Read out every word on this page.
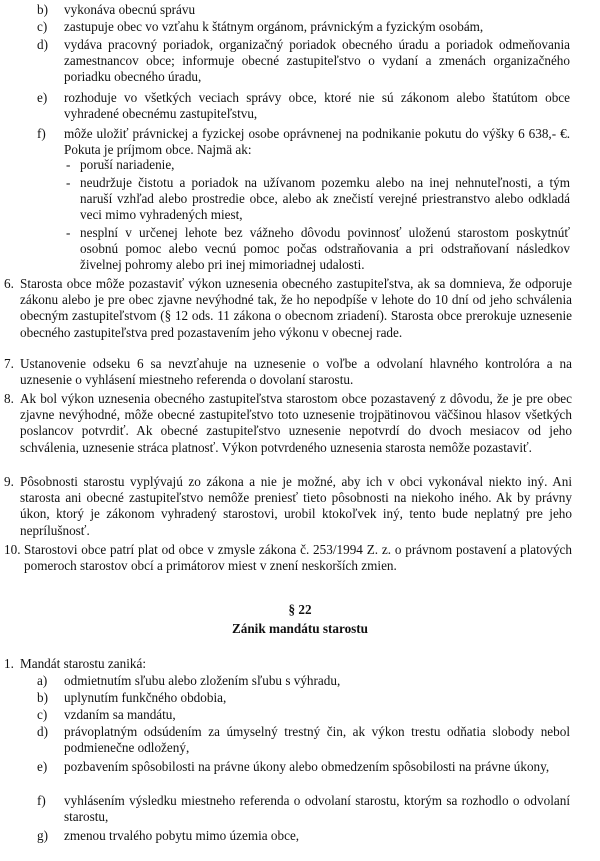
b) vykonáva obecnú správu
c) zastupuje obec vo vzťahu k štátnym orgánom, právnickým a fyzickým osobám,
d) vydáva pracovný poriadok, organizačný poriadok obecného úradu a poriadok odmeňovania zamestnancov obce; informuje obecné zastupiteľstvo o vydaní a zmenách organizačného poriadku obecného úradu,
e) rozhoduje vo všetkých veciach správy obce, ktoré nie sú zákonom alebo štatútom obce vyhradené obecnému zastupiteľstvu,
f) môže uložiť právnickej a fyzickej osobe oprávnenej na podnikanie pokutu do výšky 6 638,- €. Pokuta je príjmom obce. Najmä ak:
- poruší nariadenie,
- neudržuje čistotu a poriadok na užívanom pozemku alebo na inej nehnuteľnosti, a tým naruší vzhľad alebo prostredie obce, alebo ak znečistí verejné priestranstvo alebo odkladá veci mimo vyhradených miest,
- nesplní v určenej lehote bez vážneho dôvodu povinnosť uloženú starostom poskytnúť osobnú pomoc alebo vecnú pomoc počas odstraňovania a pri odstraňovaní následkov živelnej pohromy alebo pri inej mimoriadnej udalosti.
6. Starosta obce môže pozastaviť výkon uznesenia obecného zastupiteľstva, ak sa domnieva, že odporuje zákonu alebo je pre obec zjavne nevýhodné tak, že ho nepodpíše v lehote do 10 dní od jeho schválenia obecným zastupiteľstvom (§ 12 ods. 11 zákona o obecnom zriadení). Starosta obce prerokuje uznesenie obecného zastupiteľstva pred pozastavením jeho výkonu v obecnej rade.
7. Ustanovenie odseku 6 sa nevzťahuje na uznesenie o voľbe a odvolaní hlavného kontrolóra a na uznesenie o vyhlásení miestneho referenda o dovolaní starostu.
8. Ak bol výkon uznesenia obecného zastupiteľstva starostom obce pozastavený z dôvodu, že je pre obec zjavne nevýhodné, môže obecné zastupiteľstvo toto uznesenie trojpätinovou väčšinou hlasov všetkých poslancov potvrdiť. Ak obecné zastupiteľstvo uznesenie nepotvrdí do dvoch mesiacov od jeho schválenia, uznesenie stráca platnosť. Výkon potvrdeného uznesenia starosta nemôže pozastaviť.
9. Pôsobnosti starostu vyplývajú zo zákona a nie je možné, aby ich v obci vykonával niekto iný. Ani starosta ani obecné zastupiteľstvo nemôže preniesť tieto pôsobnosti na niekoho iného. Ak by právny úkon, ktorý je zákonom vyhradený starostovi, urobil ktokoľvek iný, tento bude neplatný pre jeho neprílušnosť.
10. Starostovi obce patrí plat od obce v zmysle zákona č. 253/1994 Z. z. o právnom postavení a platových pomeroch starostov obcí a primátorov miest v znení neskorších zmien.
§ 22
Zánik mandátu starostu
1. Mandát starostu zaniká:
a) odmietnutím sľubu alebo zložením sľubu s výhradu,
b) uplynutím funkčného obdobia,
c) vzdaním sa mandátu,
d) právoplatným odsúdením za úmyselný trestný čin, ak výkon trestu odňatia slobody nebol podmienečne odložený,
e) pozbavením spôsobilosti na právne úkony alebo obmedzením spôsobilosti na právne úkony,
f) vyhlásením výsledku miestneho referenda o odvolaní starostu, ktorým sa rozhodlo o odvolaní starostu,
g) zmenou trvalého pobytu mimo územia obce,
